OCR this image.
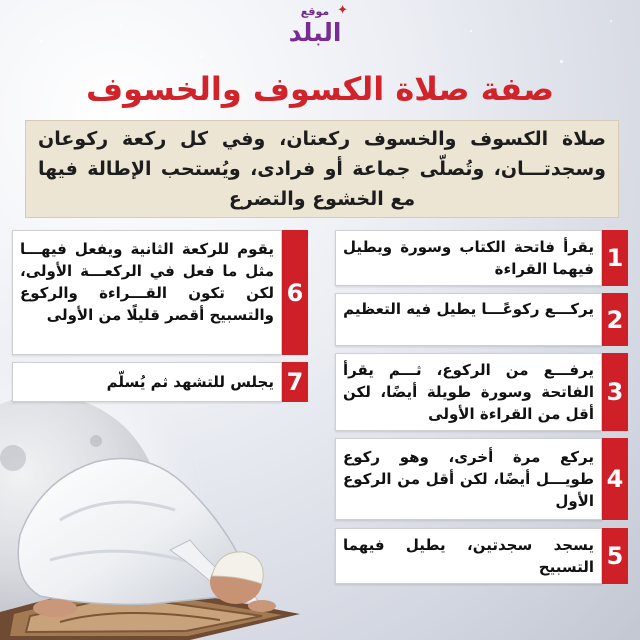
✦
موقع
البلد
صفة صلاة الكسوف والخسوف
صلاة الكسوف والخسوف ركعتان، وفي كل ركعة ركوعان وسجدتـــان، وتُصلّى جماعة أو فرادى، ويُستحب الإطالة فيها مع الخشوع والتضرع
1
يقرأ فاتحة الكتاب وسورة ويطيل فيهما القراءة
2
يركـــع ركوعًـــا يطيل فيه التعظيم
3
يرفـــع من الركوع، ثـــم يقرأ الفاتحة وسورة طويلة أيضًا، لكن أقل من القراءة الأولى
4
يركع مرة أخرى، وهو ركوع طويـــل أيضًا، لكن أقل من الركوع الأول
5
يسجد سجدتين، يطيل فيهما التسبيح
6
يقوم للركعة الثانية ويفعل فيهـــا مثل ما فعل في الركعـــة الأولى، لكن تكون القـــراءة والركوع والتسبيح أقصر قليلًا من الأولى
7
يجلس للتشهد ثم يُسلّم
